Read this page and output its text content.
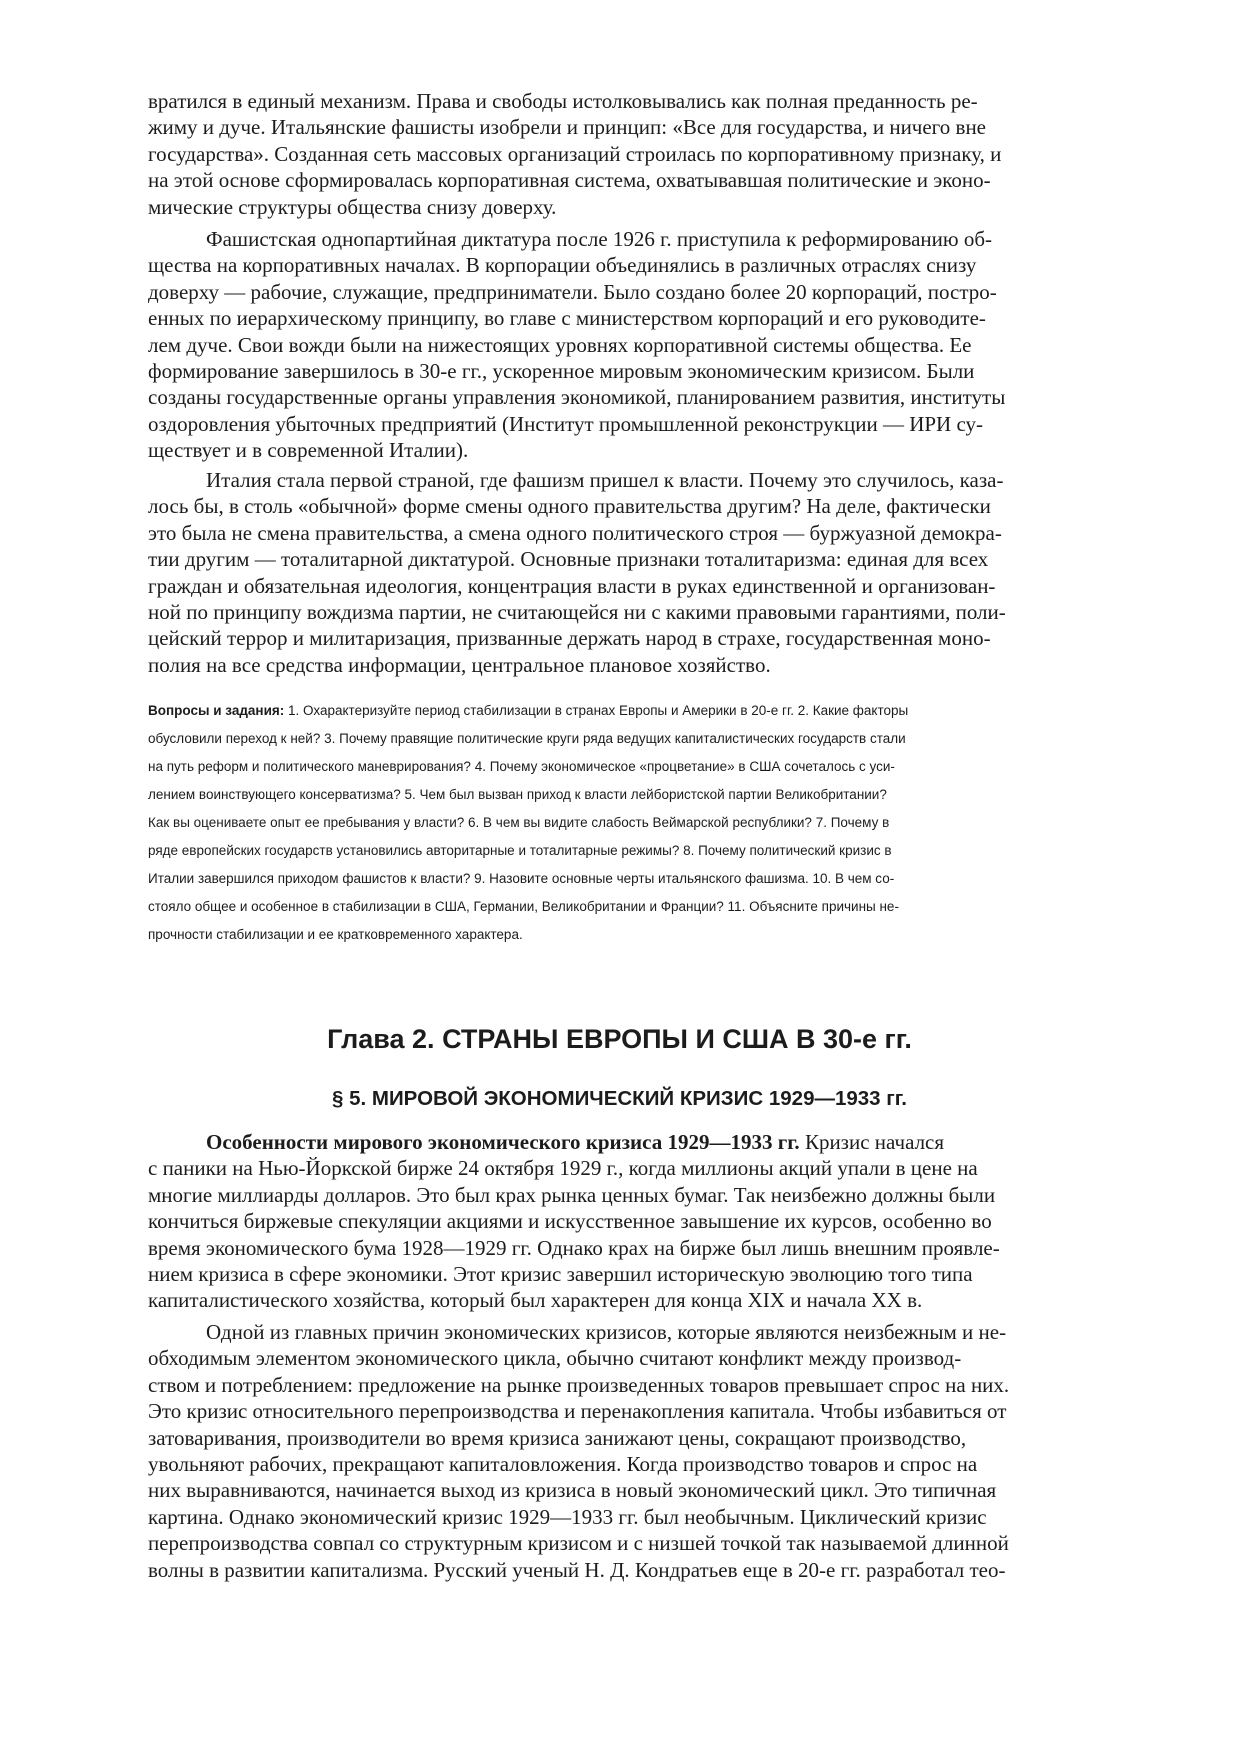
вратился в единый механизм. Права и свободы истолковывались как полная преданность ре-
жиму и дуче. Итальянские фашисты изобрели и принцип: «Все для государства, и ничего вне
государства». Созданная сеть массовых организаций строилась по корпоративному признаку, и
на этой основе сформировалась корпоративная система, охватывавшая политические и эконо-
мические структуры общества снизу доверху.
Фашистская однопартийная диктатура после 1926 г. приступила к реформированию об-
щества на корпоративных началах. В корпорации объединялись в различных отраслях снизу
доверху — рабочие, служащие, предприниматели. Было создано более 20 корпораций, постро-
енных по иерархическому принципу, во главе с министерством корпораций и его руководите-
лем дуче. Свои вожди были на нижестоящих уровнях корпоративной системы общества. Ее
формирование завершилось в 30-е гг., ускоренное мировым экономическим кризисом. Были
созданы государственные органы управления экономикой, планированием развития, институты
оздоровления убыточных предприятий (Институт промышленной реконструкции — ИРИ су-
ществует и в современной Италии).
Италия стала первой страной, где фашизм пришел к власти. Почему это случилось, каза-
лось бы, в столь «обычной» форме смены одного правительства другим? На деле, фактически
это была не смена правительства, а смена одного политического строя — буржуазной демокра-
тии другим — тоталитарной диктатурой. Основные признаки тоталитаризма: единая для всех
граждан и обязательная идеология, концентрация власти в руках единственной и организован-
ной по принципу вождизма партии, не считающейся ни с какими правовыми гарантиями, поли-
цейский террор и милитаризация, призванные держать народ в страхе, государственная моно-
полия на все средства информации, центральное плановое хозяйство.
Вопросы и задания: 1. Охарактеризуйте период стабилизации в странах Европы и Америки в 20-е гг. 2. Какие факторы
обусловили переход к ней? 3. Почему правящие политические круги ряда ведущих капиталистических государств стали
на путь реформ и политического маневрирования? 4. Почему экономическое «процветание» в США сочеталось с уси-
лением воинствующего консерватизма? 5. Чем был вызван приход к власти лейбористской партии Великобритании?
Как вы оцениваете опыт ее пребывания у власти? 6. В чем вы видите слабость Веймарской республики? 7. Почему в
ряде европейских государств установились авторитарные и тоталитарные режимы? 8. Почему политический кризис в
Италии завершился приходом фашистов к власти? 9. Назовите основные черты итальянского фашизма. 10. В чем со-
стояло общее и особенное в стабилизации в США, Германии, Великобритании и Франции? 11. Объясните причины не-
прочности стабилизации и ее кратковременного характера.
Глава 2. СТРАНЫ ЕВРОПЫ И США В 30-е гг.
§ 5. МИРОВОЙ ЭКОНОМИЧЕСКИЙ КРИЗИС 1929—1933 гг.
Особенности мирового экономического кризиса 1929—1933 гг. Кризис начался
с паники на Нью-Йоркской бирже 24 октября 1929 г., когда миллионы акций упали в цене на
многие миллиарды долларов. Это был крах рынка ценных бумаг. Так неизбежно должны были
кончиться биржевые спекуляции акциями и искусственное завышение их курсов, особенно во
время экономического бума 1928—1929 гг. Однако крах на бирже был лишь внешним проявле-
нием кризиса в сфере экономики. Этот кризис завершил историческую эволюцию того типа
капиталистического хозяйства, который был характерен для конца XIX и начала XX в.
Одной из главных причин экономических кризисов, которые являются неизбежным и не-
обходимым элементом экономического цикла, обычно считают конфликт между производ-
ством и потреблением: предложение на рынке произведенных товаров превышает спрос на них.
Это кризис относительного перепроизводства и перенакопления капитала. Чтобы избавиться от
затоваривания, производители во время кризиса занижают цены, сокращают производство,
увольняют рабочих, прекращают капиталовложения. Когда производство товаров и спрос на
них выравниваются, начинается выход из кризиса в новый экономический цикл. Это типичная
картина. Однако экономический кризис 1929—1933 гг. был необычным. Циклический кризис
перепроизводства совпал со структурным кризисом и с низшей точкой так называемой длинной
волны в развитии капитализма. Русский ученый Н. Д. Кондратьев еще в 20-е гг. разработал тео-
